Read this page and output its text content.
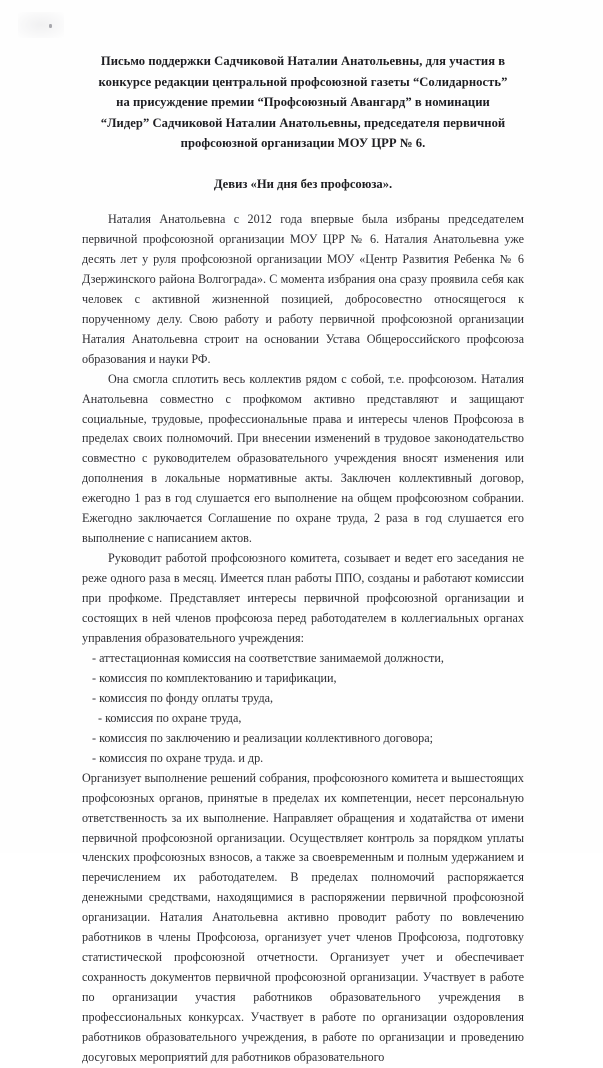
Письмо поддержки Садчиковой Наталии Анатольевны, для участия в
конкурсе редакции центральной профсоюзной газеты “Солидарность”
на присуждение премии “Профсоюзный Авангард” в номинации
“Лидер” Садчиковой Наталии Анатольевны, председателя первичной
профсоюзной организации МОУ ЦРР № 6.
Девиз «Ни дня без профсоюза».

Наталия Анатольевна с 2012 года впервые была избраны председателем первичной профсоюзной организации МОУ ЦРР № 6. Наталия Анатольевна уже десять лет у руля профсоюзной организации МОУ «Центр Развития Ребенка № 6 Дзержинского района Волгограда». С момента избрания она сразу проявила себя как человек с активной жизненной позицией, добросовестно относящегося к порученному делу. Свою работу и работу первичной профсоюзной организации Наталия Анатольевна строит на основании Устава Общероссийского профсоюза образования и науки РФ.

Она смогла сплотить весь коллектив рядом с собой, т.е. профсоюзом. Наталия Анатольевна совместно с профкомом активно представляют и защищают социальные, трудовые, профессиональные права и интересы членов Профсоюза в пределах своих полномочий. При внесении изменений в трудовое законодательство совместно с руководителем образовательного учреждения вносят изменения или дополнения в локальные нормативные акты. Заключен коллективный договор, ежегодно 1 раз в год слушается его выполнение на общем профсоюзном собрании. Ежегодно заключается Соглашение по охране труда, 2 раза в год слушается его выполнение с написанием актов.

Руководит работой профсоюзного комитета, созывает и ведет его заседания не реже одного раза в месяц. Имеется план работы ППО, созданы и работают комиссии при профкоме. Представляет интересы первичной профсоюзной организации и состоящих в ней членов профсоюза перед работодателем в коллегиальных органах управления образовательного учреждения:

- аттестационная комиссия на соответствие занимаемой должности,
- комиссия по комплектованию и тарификации,
- комиссия по фонду оплаты труда,
- комиссия по охране труда,
- комиссия по заключению и реализации коллективного договора;
- комиссия по охране труда. и др.

Организует выполнение решений собрания, профсоюзного комитета и вышестоящих профсоюзных органов, принятые в пределах их компетенции, несет персональную ответственность за их выполнение. Направляет обращения и ходатайства от имени первичной профсоюзной организации. Осуществляет контроль за порядком уплаты членских профсоюзных взносов, а также за своевременным и полным удержанием и перечислением их работодателем. В пределах полномочий распоряжается денежными средствами, находящимися в распоряжении первичной профсоюзной организации. Наталия Анатольевна активно проводит работу по вовлечению работников в члены Профсоюза, организует учет членов Профсоюза, подготовку статистической профсоюзной отчетности. Организует учет и обеспечивает сохранность документов первичной профсоюзной организации. Участвует в работе по организации участия работников образовательного учреждения в профессиональных конкурсах. Участвует в работе по организации оздоровления работников образовательного учреждения, в работе по организации и проведению досуговых мероприятий для работников образовательного
